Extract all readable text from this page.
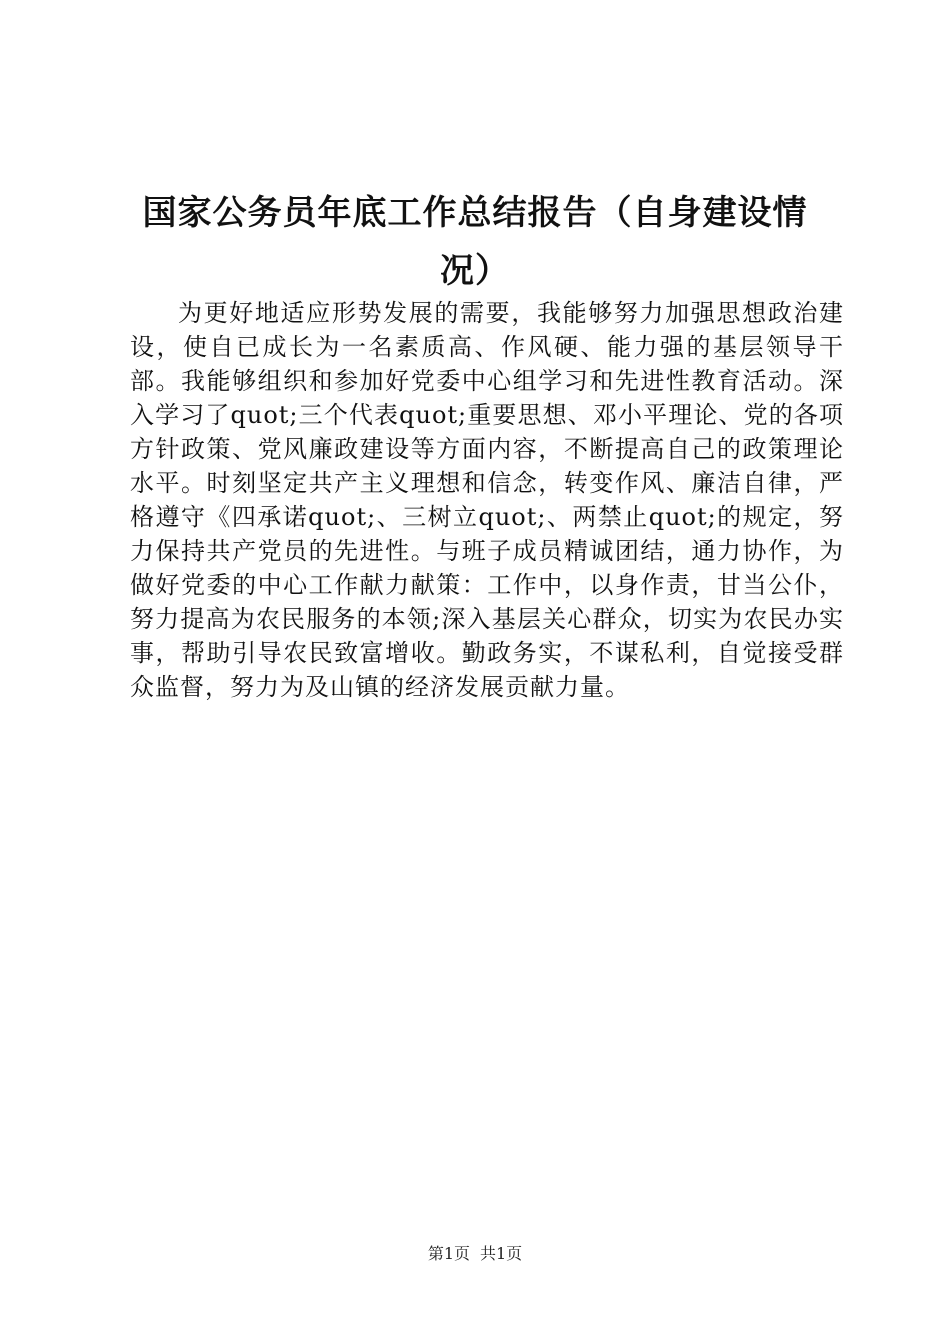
国家公务员年底工作总结报告（自身建设情况）

为更好地适应形势发展的需要，我能够努力加强思想政治建设，使自已成长为一名素质高、作风硬、能力强的基层领导干部。我能够组织和参加好党委中心组学习和先进性教育活动。深入学习了quot;三个代表quot;重要思想、邓小平理论、党的各项方针政策、党风廉政建设等方面内容，不断提高自己的政策理论水平。时刻坚定共产主义理想和信念，转变作风、廉洁自律，严格遵守《四承诺quot;、三树立quot;、两禁止quot;的规定，努力保持共产党员的先进性。与班子成员精诚团结，通力协作，为做好党委的中心工作献力献策：工作中，以身作责，甘当公仆，努力提高为农民服务的本领;深入基层关心群众，切实为农民办实事，帮助引导农民致富增收。勤政务实，不谋私利，自觉接受群众监督，努力为及山镇的经济发展贡献力量。

第1页 共1页
